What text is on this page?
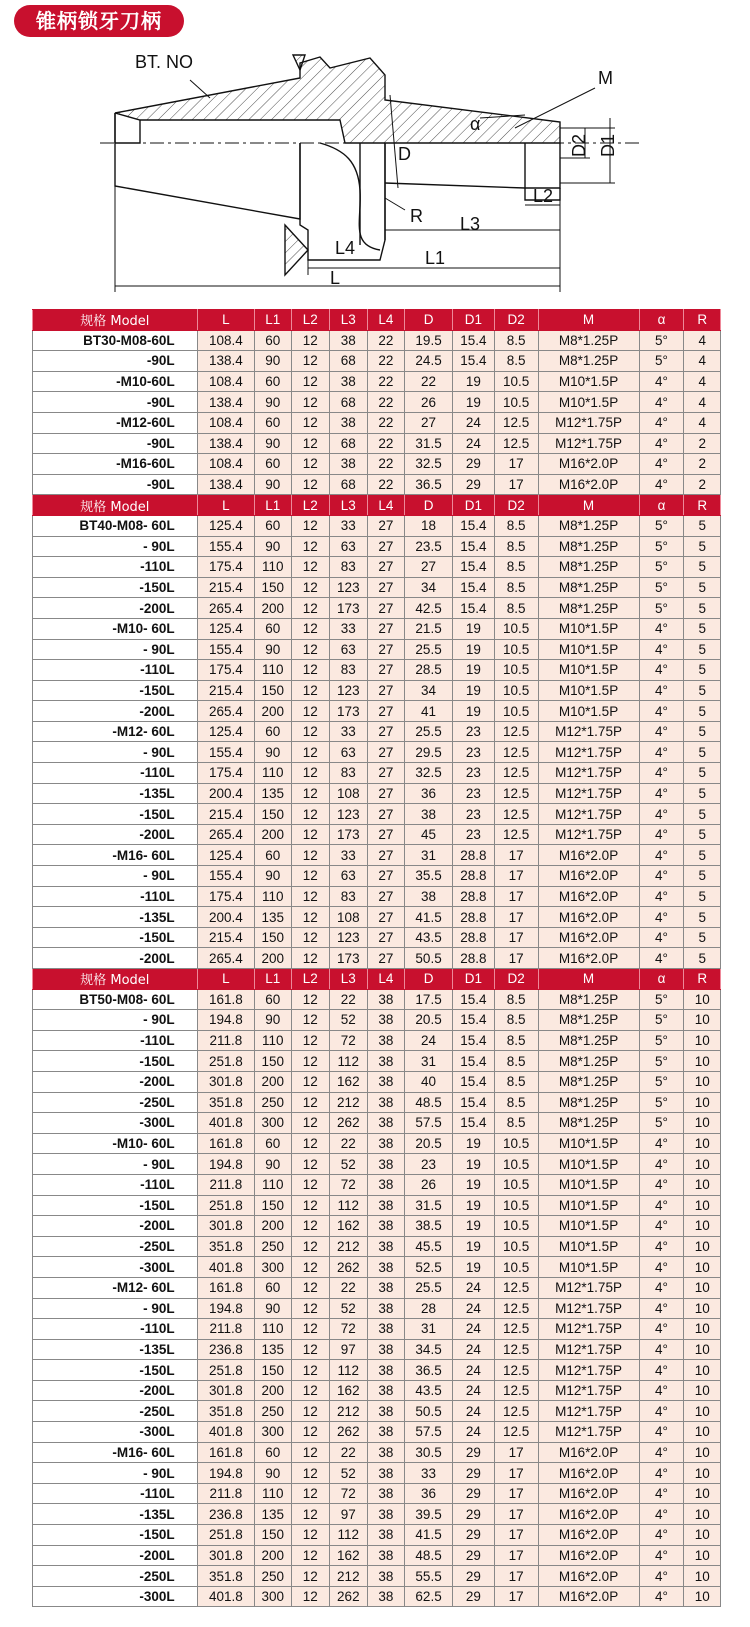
锥柄锁牙刀柄
BT. NO
M
α
D	D2 D1
L2
R L3
L4	L1
L
规格 Model	L	L1	L2	L3	L4	D	D1	D2	M	α	R
BT30-M08-60L	108.4	60	12	38	22	19.5	15.4	8.5	M8*1.25P	5°	4
-90L	138.4	90	12	68	22	24.5	15.4	8.5	M8*1.25P	5°	4
-M10-60L	108.4	60	12	38	22	22	19	10.5	M10*1.5P	4°	4
-90L	138.4	90	12	68	22	26	19	10.5	M10*1.5P	4°	4
-M12-60L	108.4	60	12	38	22	27	24	12.5	M12*1.75P	4°	4
-90L	138.4	90	12	68	22	31.5	24	12.5	M12*1.75P	4°	2
-M16-60L	108.4	60	12	38	22	32.5	29	17	M16*2.0P	4°	2
-90L	138.4	90	12	68	22	36.5	29	17	M16*2.0P	4°	2
规格 Model	L	L1	L2	L3	L4	D	D1	D2	M	α	R
BT40-M08- 60L	125.4	60	12	33	27	18	15.4	8.5	M8*1.25P	5°	5
- 90L	155.4	90	12	63	27	23.5	15.4	8.5	M8*1.25P	5°	5
-110L	175.4	110	12	83	27	27	15.4	8.5	M8*1.25P	5°	5
-150L	215.4	150	12	123	27	34	15.4	8.5	M8*1.25P	5°	5
-200L	265.4	200	12	173	27	42.5	15.4	8.5	M8*1.25P	5°	5
-M10- 60L	125.4	60	12	33	27	21.5	19	10.5	M10*1.5P	4°	5
- 90L	155.4	90	12	63	27	25.5	19	10.5	M10*1.5P	4°	5
-110L	175.4	110	12	83	27	28.5	19	10.5	M10*1.5P	4°	5
-150L	215.4	150	12	123	27	34	19	10.5	M10*1.5P	4°	5
-200L	265.4	200	12	173	27	41	19	10.5	M10*1.5P	4°	5
-M12- 60L	125.4	60	12	33	27	25.5	23	12.5	M12*1.75P	4°	5
- 90L	155.4	90	12	63	27	29.5	23	12.5	M12*1.75P	4°	5
-110L	175.4	110	12	83	27	32.5	23	12.5	M12*1.75P	4°	5
-135L	200.4	135	12	108	27	36	23	12.5	M12*1.75P	4°	5
-150L	215.4	150	12	123	27	38	23	12.5	M12*1.75P	4°	5
-200L	265.4	200	12	173	27	45	23	12.5	M12*1.75P	4°	5
-M16- 60L	125.4	60	12	33	27	31	28.8	17	M16*2.0P	4°	5
- 90L	155.4	90	12	63	27	35.5	28.8	17	M16*2.0P	4°	5
-110L	175.4	110	12	83	27	38	28.8	17	M16*2.0P	4°	5
-135L	200.4	135	12	108	27	41.5	28.8	17	M16*2.0P	4°	5
-150L	215.4	150	12	123	27	43.5	28.8	17	M16*2.0P	4°	5
-200L	265.4	200	12	173	27	50.5	28.8	17	M16*2.0P	4°	5
规格 Model	L	L1	L2	L3	L4	D	D1	D2	M	α	R
BT50-M08- 60L	161.8	60	12	22	38	17.5	15.4	8.5	M8*1.25P	5°	10
- 90L	194.8	90	12	52	38	20.5	15.4	8.5	M8*1.25P	5°	10
-110L	211.8	110	12	72	38	24	15.4	8.5	M8*1.25P	5°	10
-150L	251.8	150	12	112	38	31	15.4	8.5	M8*1.25P	5°	10
-200L	301.8	200	12	162	38	40	15.4	8.5	M8*1.25P	5°	10
-250L	351.8	250	12	212	38	48.5	15.4	8.5	M8*1.25P	5°	10
-300L	401.8	300	12	262	38	57.5	15.4	8.5	M8*1.25P	5°	10
-M10- 60L	161.8	60	12	22	38	20.5	19	10.5	M10*1.5P	4°	10
- 90L	194.8	90	12	52	38	23	19	10.5	M10*1.5P	4°	10
-110L	211.8	110	12	72	38	26	19	10.5	M10*1.5P	4°	10
-150L	251.8	150	12	112	38	31.5	19	10.5	M10*1.5P	4°	10
-200L	301.8	200	12	162	38	38.5	19	10.5	M10*1.5P	4°	10
-250L	351.8	250	12	212	38	45.5	19	10.5	M10*1.5P	4°	10
-300L	401.8	300	12	262	38	52.5	19	10.5	M10*1.5P	4°	10
-M12- 60L	161.8	60	12	22	38	25.5	24	12.5	M12*1.75P	4°	10
- 90L	194.8	90	12	52	38	28	24	12.5	M12*1.75P	4°	10
-110L	211.8	110	12	72	38	31	24	12.5	M12*1.75P	4°	10
-135L	236.8	135	12	97	38	34.5	24	12.5	M12*1.75P	4°	10
-150L	251.8	150	12	112	38	36.5	24	12.5	M12*1.75P	4°	10
-200L	301.8	200	12	162	38	43.5	24	12.5	M12*1.75P	4°	10
-250L	351.8	250	12	212	38	50.5	24	12.5	M12*1.75P	4°	10
-300L	401.8	300	12	262	38	57.5	24	12.5	M12*1.75P	4°	10
-M16- 60L	161.8	60	12	22	38	30.5	29	17	M16*2.0P	4°	10
- 90L	194.8	90	12	52	38	33	29	17	M16*2.0P	4°	10
-110L	211.8	110	12	72	38	36	29	17	M16*2.0P	4°	10
-135L	236.8	135	12	97	38	39.5	29	17	M16*2.0P	4°	10
-150L	251.8	150	12	112	38	41.5	29	17	M16*2.0P	4°	10
-200L	301.8	200	12	162	38	48.5	29	17	M16*2.0P	4°	10
-250L	351.8	250	12	212	38	55.5	29	17	M16*2.0P	4°	10
-300L	401.8	300	12	262	38	62.5	29	17	M16*2.0P	4°	10
